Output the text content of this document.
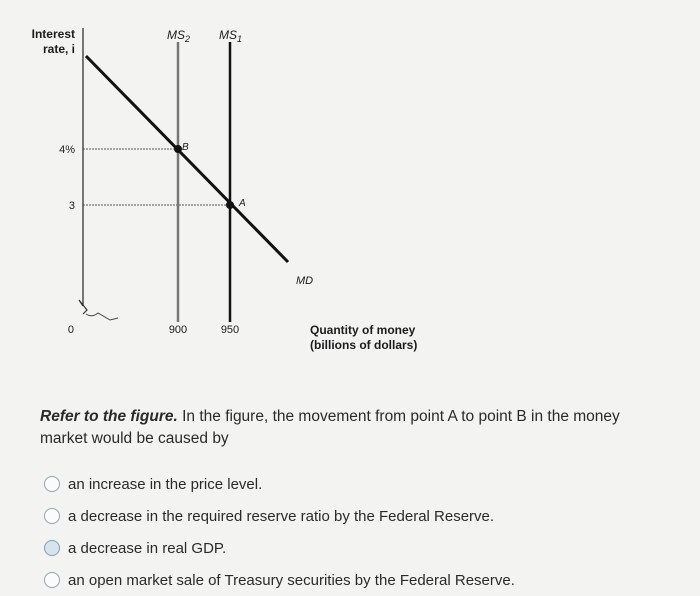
Interest
rate, i
4%
3
0	900	950	Quantity of money
(billions of dollars)
$MS_2$ $MS_1$
MD
B
A
Refer to the figure. In the figure, the movement from point A to point B in the money market would be caused by
an increase in the price level.
a decrease in the required reserve ratio by the Federal Reserve.
a decrease in real GDP.
an open market sale of Treasury securities by the Federal Reserve.
